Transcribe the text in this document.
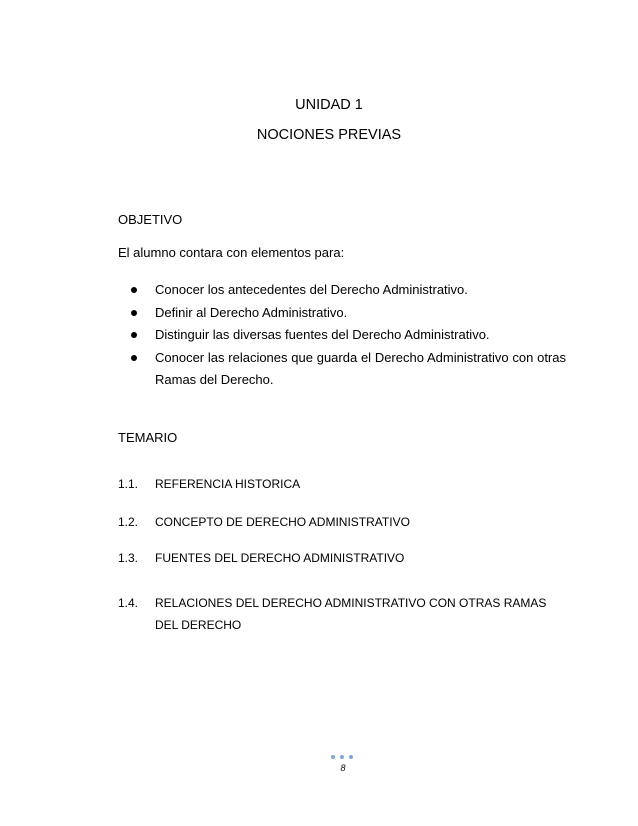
UNIDAD 1
NOCIONES PREVIAS
OBJETIVO
El alumno contara con elementos para:
Conocer los antecedentes del Derecho Administrativo.
Definir al Derecho Administrativo.
Distinguir las diversas fuentes del Derecho Administrativo.
Conocer las relaciones que guarda el Derecho Administrativo con otras Ramas del Derecho.
TEMARIO
1.1. REFERENCIA HISTORICA
1.2. CONCEPTO DE DERECHO ADMINISTRATIVO
1.3. FUENTES DEL DERECHO ADMINISTRATIVO
1.4. RELACIONES DEL DERECHO ADMINISTRATIVO CON OTRAS RAMAS DEL DERECHO
8
